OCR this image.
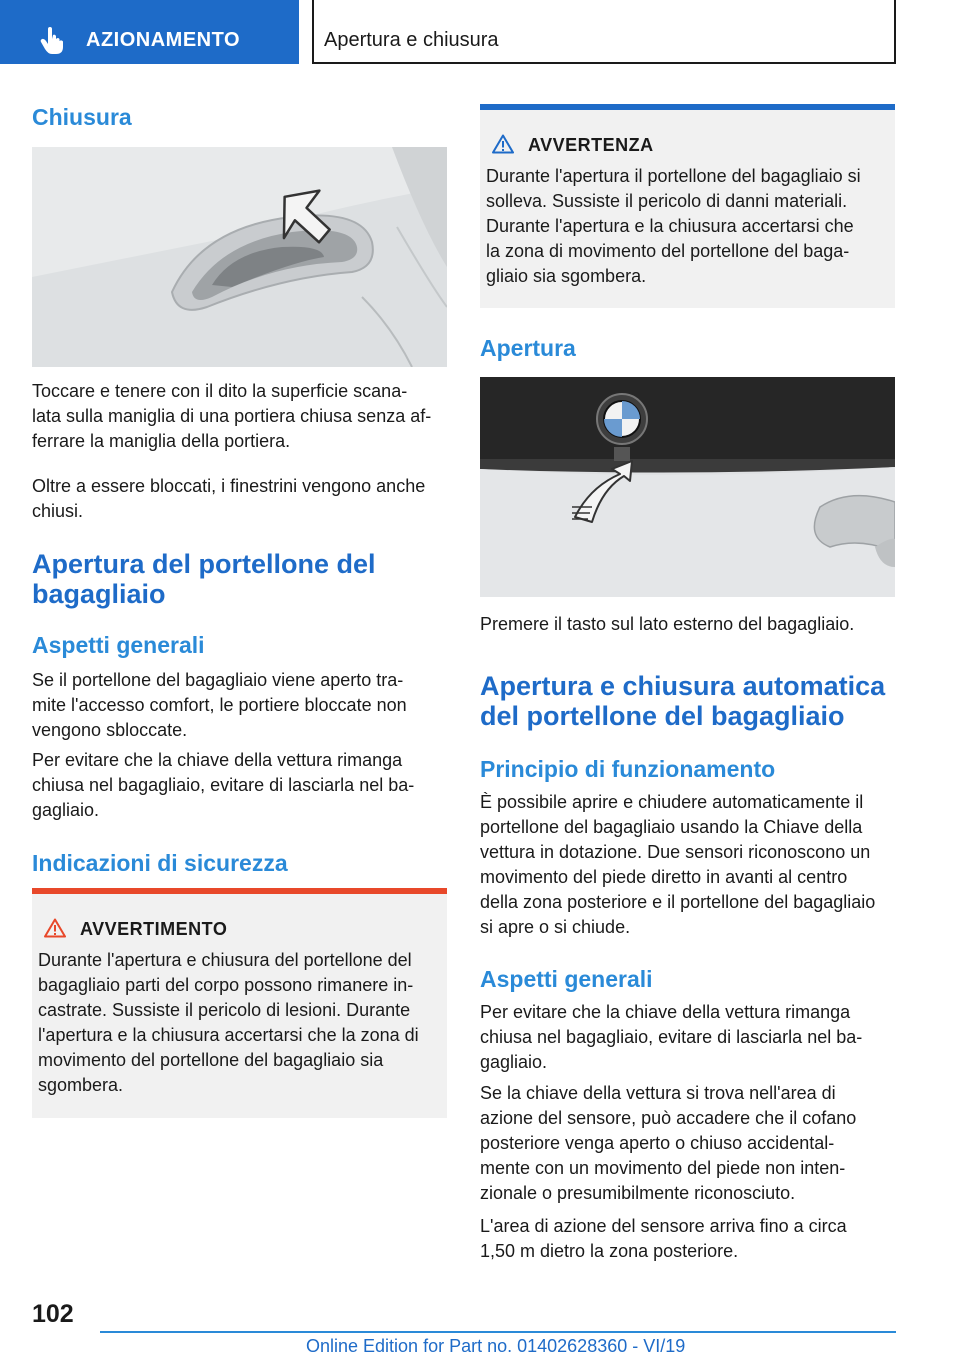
AZIONAMENTO	Apertura e chiusura
Chiusura
Toccare e tenere con il dito la superficie scana-
lata sulla maniglia di una portiera chiusa senza af-
ferrare la maniglia della portiera.
Oltre a essere bloccati, i finestrini vengono anche
chiusi.
Apertura del portellone del
bagagliaio
Aspetti generali
Se il portellone del bagagliaio viene aperto tra-
mite l'accesso comfort, le portiere bloccate non
vengono sbloccate.
Per evitare che la chiave della vettura rimanga
chiusa nel bagagliaio, evitare di lasciarla nel ba-
gagliaio.
Indicazioni di sicurezza
AVVERTIMENTO
Durante l'apertura e chiusura del portellone del
bagagliaio parti del corpo possono rimanere in-
castrate. Sussiste il pericolo di lesioni. Durante
l'apertura e la chiusura accertarsi che la zona di
movimento del portellone del bagagliaio sia
sgombera.
AVVERTENZA
Durante l'apertura il portellone del bagagliaio si
solleva. Sussiste il pericolo di danni materiali.
Durante l'apertura e la chiusura accertarsi che
la zona di movimento del portellone del baga-
gliaio sia sgombera.
Apertura
Premere il tasto sul lato esterno del bagagliaio.
Apertura e chiusura automatica
del portellone del bagagliaio
Principio di funzionamento
È possibile aprire e chiudere automaticamente il
portellone del bagagliaio usando la Chiave della
vettura in dotazione. Due sensori riconoscono un
movimento del piede diretto in avanti al centro
della zona posteriore e il portellone del bagagliaio
si apre o si chiude.
Aspetti generali
Per evitare che la chiave della vettura rimanga
chiusa nel bagagliaio, evitare di lasciarla nel ba-
gagliaio.
Se la chiave della vettura si trova nell'area di
azione del sensore, può accadere che il cofano
posteriore venga aperto o chiuso accidental-
mente con un movimento del piede non inten-
zionale o presumibilmente riconosciuto.
L'area di azione del sensore arriva fino a circa
1,50 m dietro la zona posteriore.
102
Online Edition for Part no. 01402628360 - VI/19
